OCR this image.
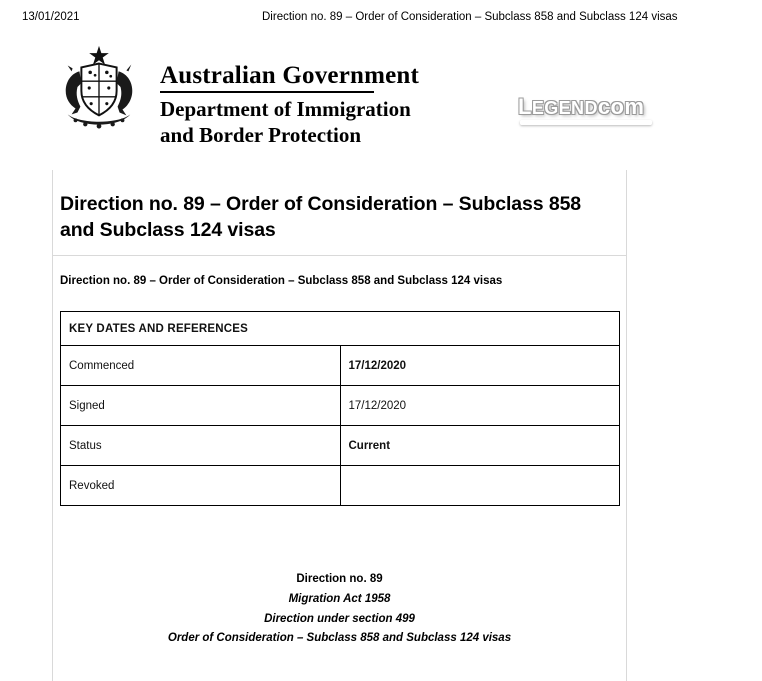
13/01/2021	Direction no. 89 – Order of Consideration – Subclass 858 and Subclass 124 visas
Australian Government
Department of Immigration
and Border Protection
LEGENDcom
Direction no. 89 – Order of Consideration – Subclass 858 and Subclass 124 visas
Direction no. 89 – Order of Consideration – Subclass 858 and Subclass 124 visas
KEY DATES AND REFERENCES	
Commenced	17/12/2020
Signed	17/12/2020
Status	Current
Revoked	
Direction no. 89
Migration Act 1958
Direction under section 499
Order of Consideration – Subclass 858 and Subclass 124 visas
